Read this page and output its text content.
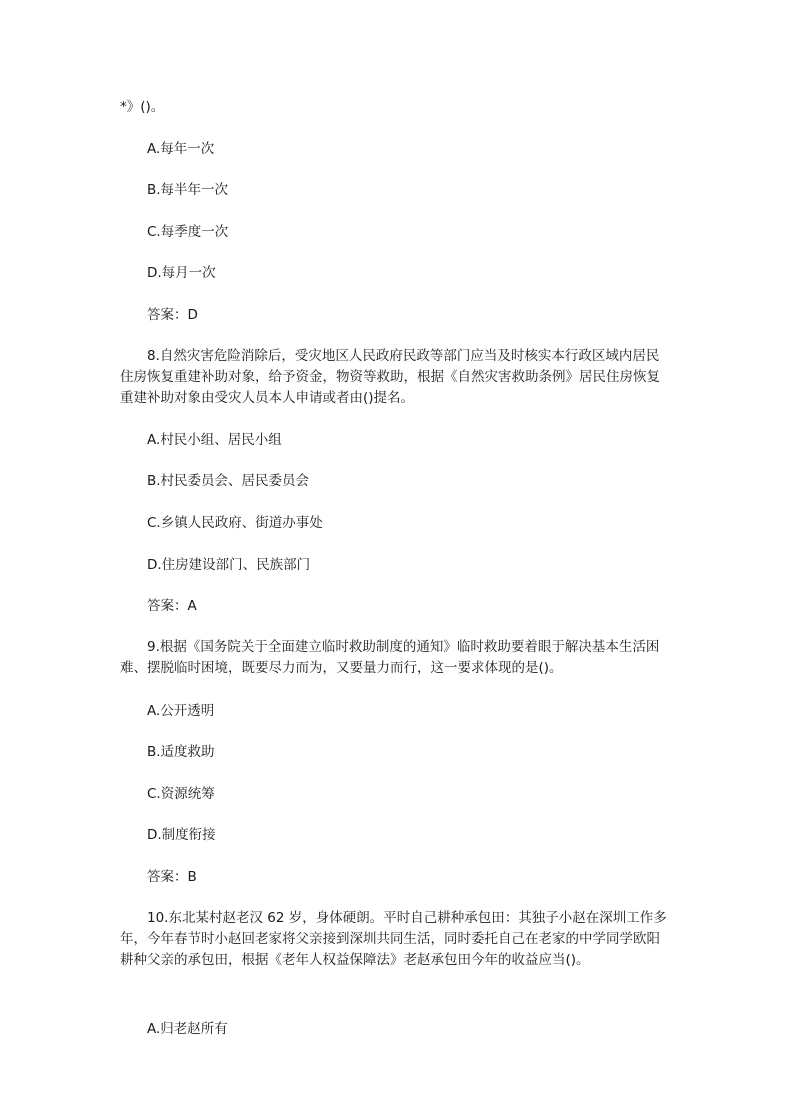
*》()。
A.每年一次
B.每半年一次
C.每季度一次
D.每月一次
答案：D
8.自然灾害危险消除后，受灾地区人民政府民政等部门应当及时核实本行政区域内居民住房恢复重建补助对象，给予资金，物资等救助，根据《自然灾害救助条例》居民住房恢复重建补助对象由受灾人员本人申请或者由()提名。
A.村民小组、居民小组
B.村民委员会、居民委员会
C.乡镇人民政府、街道办事处
D.住房建设部门、民族部门
答案：A
9.根据《国务院关于全面建立临时救助制度的通知》临时救助要着眼于解决基本生活困难、摆脱临时困境，既要尽力而为，又要量力而行，这一要求体现的是()。
A.公开透明
B.适度救助
C.资源统筹
D.制度衔接
答案：B
10.东北某村赵老汉 62 岁，身体硬朗。平时自己耕种承包田：其独子小赵在深圳工作多年，今年春节时小赵回老家将父亲接到深圳共同生活，同时委托自己在老家的中学同学欧阳耕种父亲的承包田，根据《老年人权益保障法》老赵承包田今年的收益应当()。
A.归老赵所有
